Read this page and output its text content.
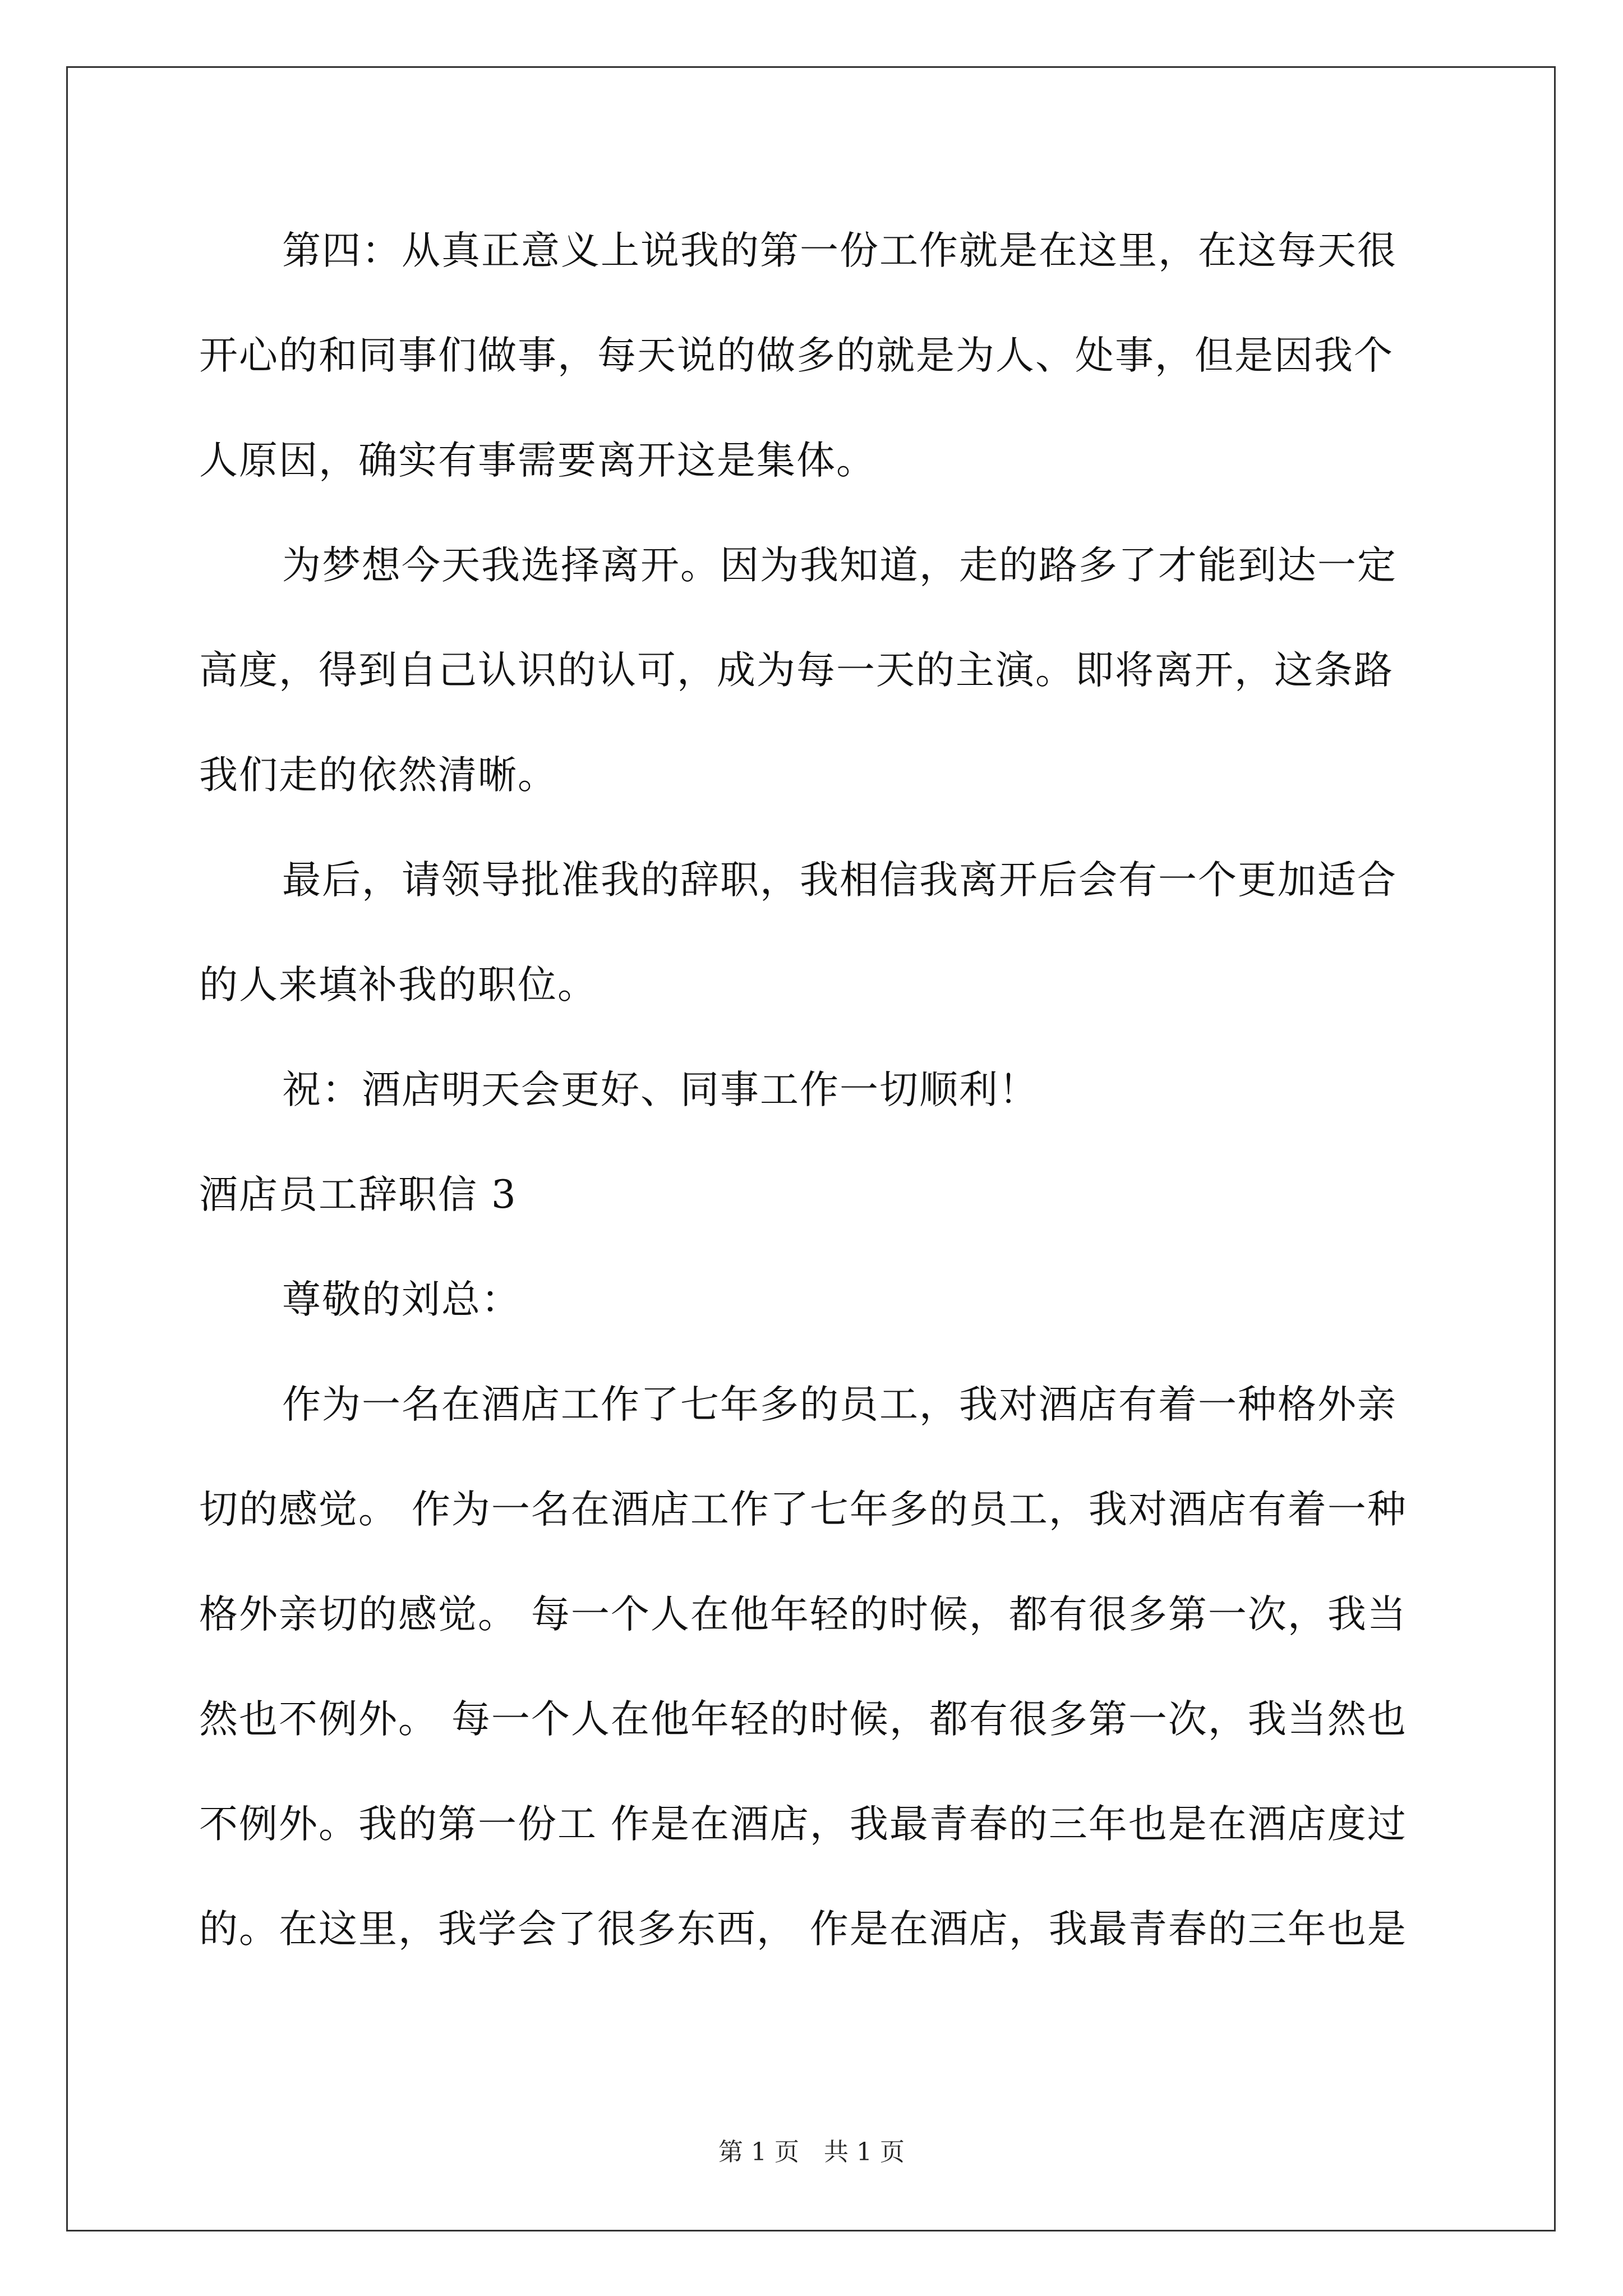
第四：从真正意义上说我的第一份工作就是在这里，在这每天很
开心的和同事们做事，每天说的做多的就是为人、处事，但是因我个
人原因，确实有事需要离开这是集体。
为梦想今天我选择离开。因为我知道，走的路多了才能到达一定
高度，得到自己认识的认可，成为每一天的主演。即将离开，这条路
我们走的依然清晰。
最后，请领导批准我的辞职，我相信我离开后会有一个更加适合
的人来填补我的职位。
祝：酒店明天会更好、同事工作一切顺利！
酒店员工辞职信 3
尊敬的刘总：
作为一名在酒店工作了七年多的员工，我对酒店有着一种格外亲
切的感觉。 作为一名在酒店工作了七年多的员工，我对酒店有着一种
格外亲切的感觉。 每一个人在他年轻的时候，都有很多第一次，我当
然也不例外。 每一个人在他年轻的时候，都有很多第一次，我当然也
不例外。我的第一份工 作是在酒店，我最青春的三年也是在酒店度过
的。在这里，我学会了很多东西， 作是在酒店，我最青春的三年也是
第 1 页　共 1 页
